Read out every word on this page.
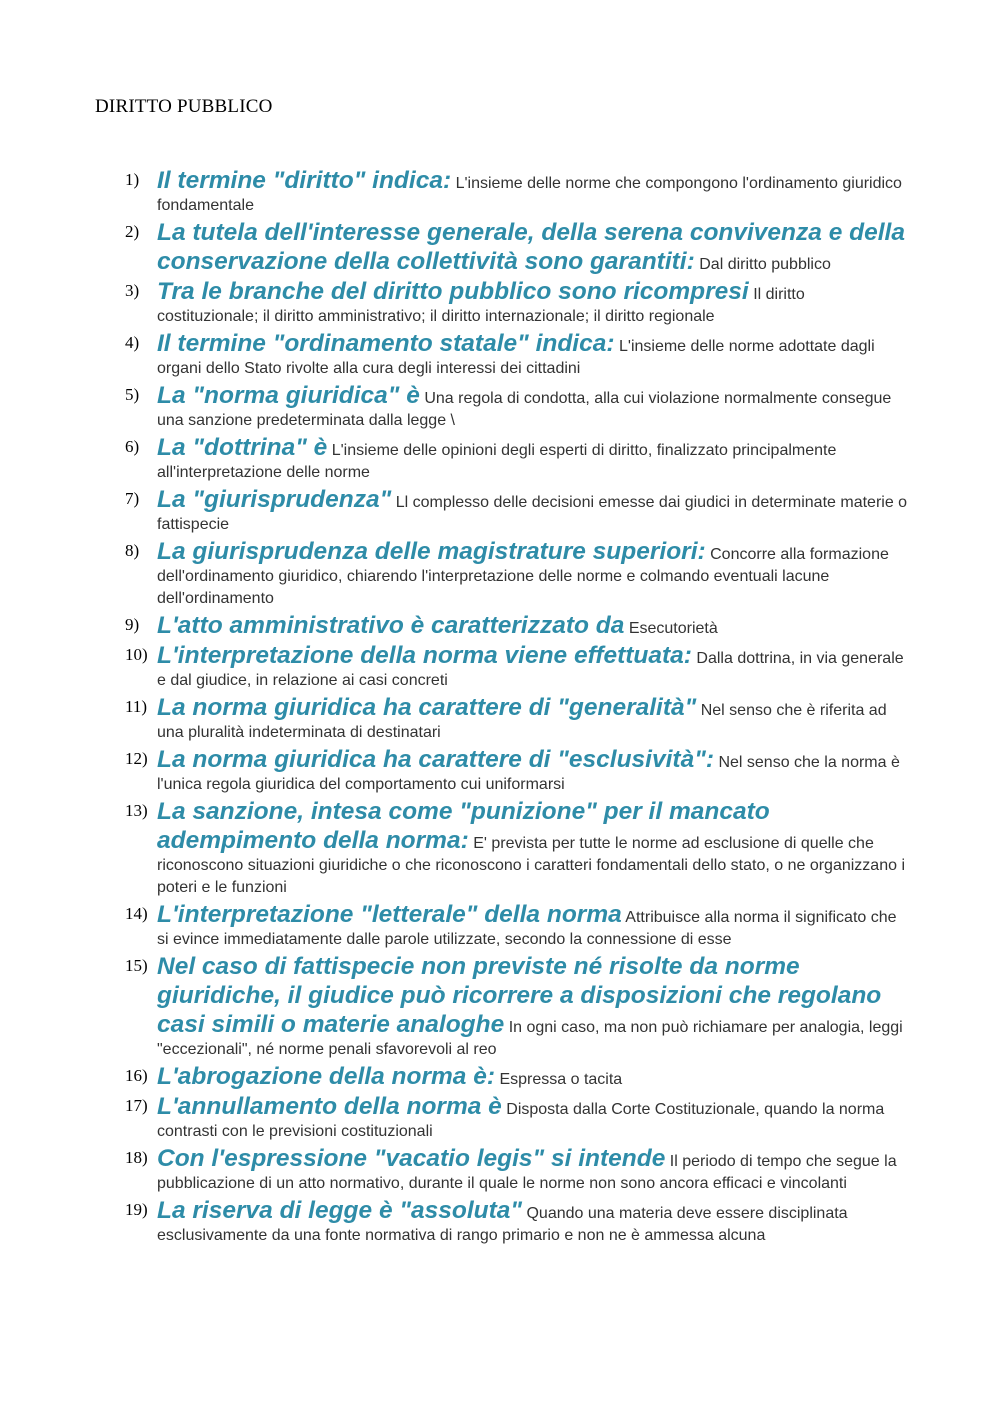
DIRITTO PUBBLICO
1) Il termine "diritto" indica: L'insieme delle norme che compongono l'ordinamento giuridico fondamentale
2) La tutela dell'interesse generale, della serena convivenza e della conservazione della collettività sono garantiti: Dal diritto pubblico
3) Tra le branche del diritto pubblico sono ricompresi Il diritto costituzionale; il diritto amministrativo; il diritto internazionale; il diritto regionale
4) Il termine "ordinamento statale" indica: L'insieme delle norme adottate dagli organi dello Stato rivolte alla cura degli interessi dei cittadini
5) La "norma giuridica" è Una regola di condotta, alla cui violazione normalmente consegue una sanzione predeterminata dalla legge \
6) La "dottrina" è L'insieme delle opinioni degli esperti di diritto, finalizzato principalmente all'interpretazione delle norme
7) La "giurisprudenza" Ll complesso delle decisioni emesse dai giudici in determinate materie o fattispecie
8) La giurisprudenza delle magistrature superiori: Concorre alla formazione dell'ordinamento giuridico, chiarendo l'interpretazione delle norme e colmando eventuali lacune dell'ordinamento
9) L'atto amministrativo è caratterizzato da Esecutorietà
10) L'interpretazione della norma viene effettuata: Dalla dottrina, in via generale e dal giudice, in relazione ai casi concreti
11) La norma giuridica ha carattere di "generalità" Nel senso che è riferita ad una pluralità indeterminata di destinatari
12) La norma giuridica ha carattere di "esclusività": Nel senso che la norma è l'unica regola giuridica del comportamento cui uniformarsi
13) La sanzione, intesa come "punizione" per il mancato adempimento della norma: E' prevista per tutte le norme ad esclusione di quelle che riconoscono situazioni giuridiche o che riconoscono i caratteri fondamentali dello stato, o ne organizzano i poteri e le funzioni
14) L'interpretazione "letterale" della norma Attribuisce alla norma il significato che si evince immediatamente dalle parole utilizzate, secondo la connessione di esse
15) Nel caso di fattispecie non previste né risolte da norme giuridiche, il giudice può ricorrere a disposizioni che regolano casi simili o materie analoghe In ogni caso, ma non può richiamare per analogia, leggi "eccezionali", né norme penali sfavorevoli al reo
16) L'abrogazione della norma è: Espressa o tacita
17) L'annullamento della norma è Disposta dalla Corte Costituzionale, quando la norma contrasti con le previsioni costituzionali
18) Con l'espressione "vacatio legis" si intende Il periodo di tempo che segue la pubblicazione di un atto normativo, durante il quale le norme non sono ancora efficaci e vincolanti
19) La riserva di legge è "assoluta" Quando una materia deve essere disciplinata esclusivamente da una fonte normativa di rango primario e non ne è ammessa alcuna
